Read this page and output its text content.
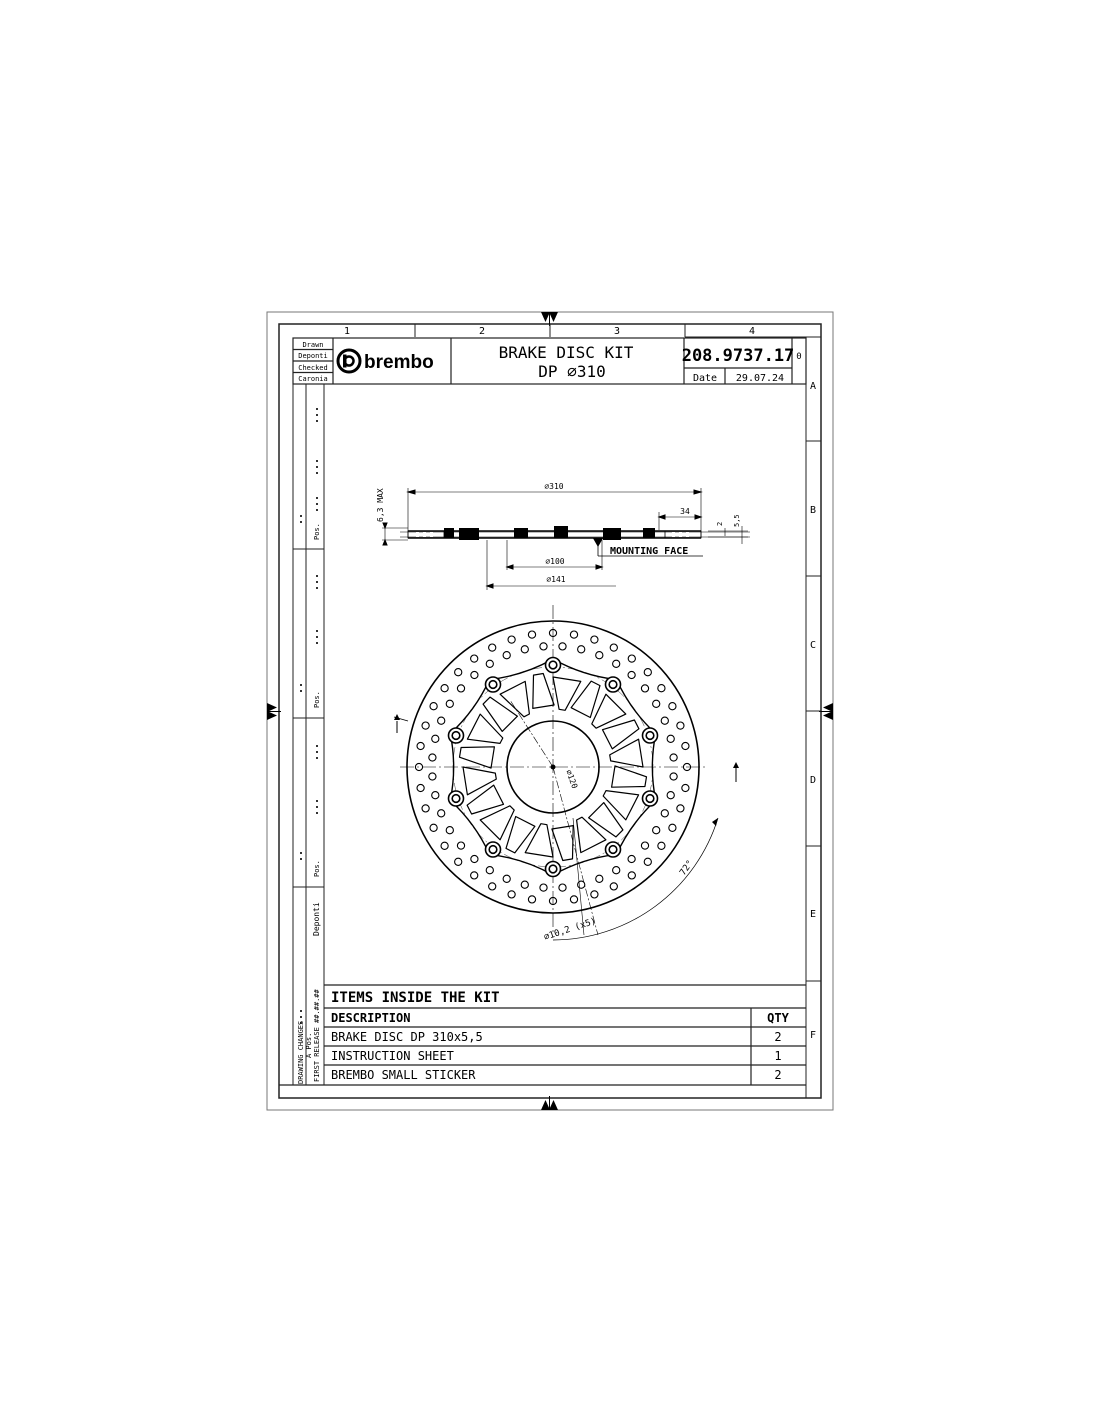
1	2	3	4
A
B
C
D
E
F
Drawn
Deponti
Checked
Caronia
brembo	BRAKE DISC KIT
DP ∅310
208.9737.17 0
Date 29.07.24
Pos.
Pos.
Pos.
Deponti
FIRST RELEASE ##.##.##
A Pos.
DRAWING CHANGES
∅310
34
2 5,5
6,3 MAX
∅100
∅141
MOUNTING FACE
∅120
72°
∅10,2 (x5)
ITEMS INSIDE THE KIT
DESCRIPTION	QTY
BRAKE DISC DP 310x5,5	2
INSTRUCTION SHEET	1
BREMBO SMALL STICKER	2
